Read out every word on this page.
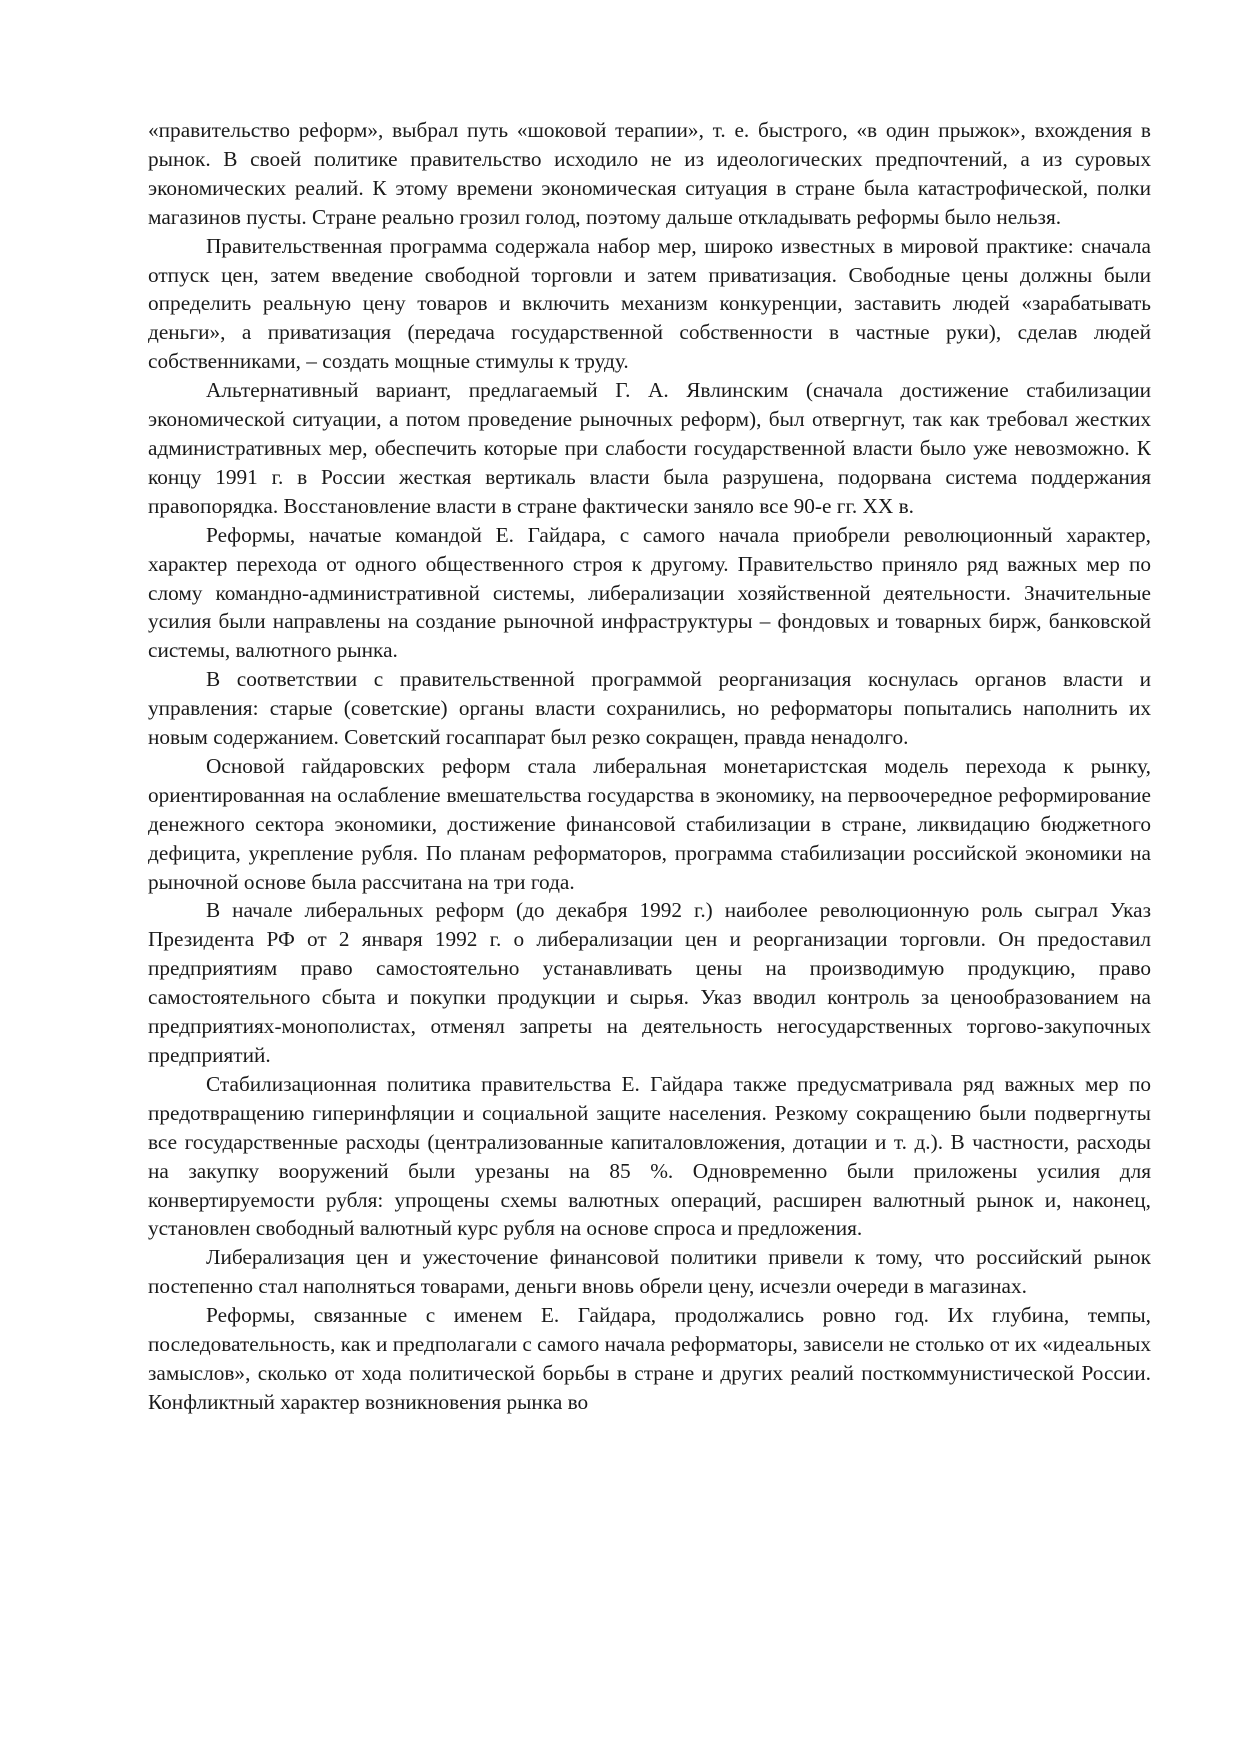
«правительство реформ», выбрал путь «шоковой терапии», т. е. быстрого, «в один прыжок», вхождения в рынок. В своей политике правительство исходило не из идеологических предпочтений, а из суровых экономических реалий. К этому времени экономическая ситуация в стране была катастрофической, полки магазинов пусты. Стране реально грозил голод, поэтому дальше откладывать реформы было нельзя.

Правительственная программа содержала набор мер, широко известных в мировой практике: сначала отпуск цен, затем введение свободной торговли и затем приватизация. Свободные цены должны были определить реальную цену товаров и включить механизм конкуренции, заставить людей «зарабатывать деньги», а приватизация (передача государственной собственности в частные руки), сделав людей собственниками, – создать мощные стимулы к труду.

Альтернативный вариант, предлагаемый Г. А. Явлинским (сначала достижение стабилизации экономической ситуации, а потом проведение рыночных реформ), был отвергнут, так как требовал жестких административных мер, обеспечить которые при слабости государственной власти было уже невозможно. К концу 1991 г. в России жесткая вертикаль власти была разрушена, подорвана система поддержания правопорядка. Восстановление власти в стране фактически заняло все 90-е гг. XX в.

Реформы, начатые командой Е. Гайдара, с самого начала приобрели революционный характер, характер перехода от одного общественного строя к другому. Правительство приняло ряд важных мер по слому командно-административной системы, либерализации хозяйственной деятельности. Значительные усилия были направлены на создание рыночной инфраструктуры – фондовых и товарных бирж, банковской системы, валютного рынка.

В соответствии с правительственной программой реорганизация коснулась органов власти и управления: старые (советские) органы власти сохранились, но реформаторы попытались наполнить их новым содержанием. Советский госаппарат был резко сокращен, правда ненадолго.

Основой гайдаровских реформ стала либеральная монетаристская модель перехода к рынку, ориентированная на ослабление вмешательства государства в экономику, на первоочередное реформирование денежного сектора экономики, достижение финансовой стабилизации в стране, ликвидацию бюджетного дефицита, укрепление рубля. По планам реформаторов, программа стабилизации российской экономики на рыночной основе была рассчитана на три года.

В начале либеральных реформ (до декабря 1992 г.) наиболее революционную роль сыграл Указ Президента РФ от 2 января 1992 г. о либерализации цен и реорганизации торговли. Он предоставил предприятиям право самостоятельно устанавливать цены на производимую продукцию, право самостоятельного сбыта и покупки продукции и сырья. Указ вводил контроль за ценообразованием на предприятиях-монополистах, отменял запреты на деятельность негосударственных торгово-закупочных предприятий.

Стабилизационная политика правительства Е. Гайдара также предусматривала ряд важных мер по предотвращению гиперинфляции и социальной защите населения. Резкому сокращению были подвергнуты все государственные расходы (централизованные капиталовложения, дотации и т. д.). В частности, расходы на закупку вооружений были урезаны на 85 %. Одновременно были приложены усилия для конвертируемости рубля: упрощены схемы валютных операций, расширен валютный рынок и, наконец, установлен свободный валютный курс рубля на основе спроса и предложения.

Либерализация цен и ужесточение финансовой политики привели к тому, что российский рынок постепенно стал наполняться товарами, деньги вновь обрели цену, исчезли очереди в магазинах.

Реформы, связанные с именем Е. Гайдара, продолжались ровно год. Их глубина, темпы, последовательность, как и предполагали с самого начала реформаторы, зависели не столько от их «идеальных замыслов», сколько от хода политической борьбы в стране и других реалий посткоммунистической России. Конфликтный характер возникновения рынка во
